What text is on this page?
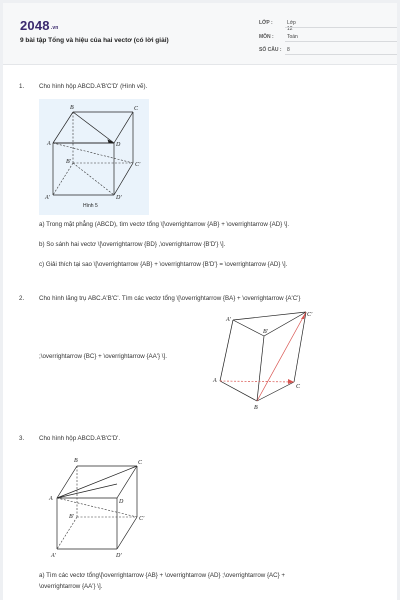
2048.vn
9 bài tập Tổng và hiệu của hai vectơ (có lời giải)
LỚP :	Lớp 12
MÔN :	Toán
SỐ CÂU :	8
1. Cho hình hộp ABCD.A'B'C'D' (Hình vẽ).
B	C
A	D
B'	C'
A'	D'
Hình 5
a) Trong mặt phẳng (ABCD), tìm vectơ tổng \[\overrightarrow {AB} + \overrightarrow {AD} \].
b) So sánh hai vectơ \[\overrightarrow {BD} ,\overrightarrow {B'D'} \].
c) Giải thích tại sao \[\overrightarrow {AB} + \overrightarrow {B'D'} = \overrightarrow {AD} \].
2. Cho hình lăng trụ ABC.A'B'C'. Tìm các vectơ tổng \[\overrightarrow {BA} + \overrightarrow {A'C'}
A'
B'
C'
A
B
C
;\overrightarrow {BC} + \overrightarrow {AA'} \].
3. Cho hình hộp ABCD.A'B'C'D'.
B	C
A	D
B'	C'
A'	D'
a) Tìm các vectơ tổng\[\overrightarrow {AB} + \overrightarrow {AD} ;\overrightarrow {AC} +
\overrightarrow {AA'} \].
